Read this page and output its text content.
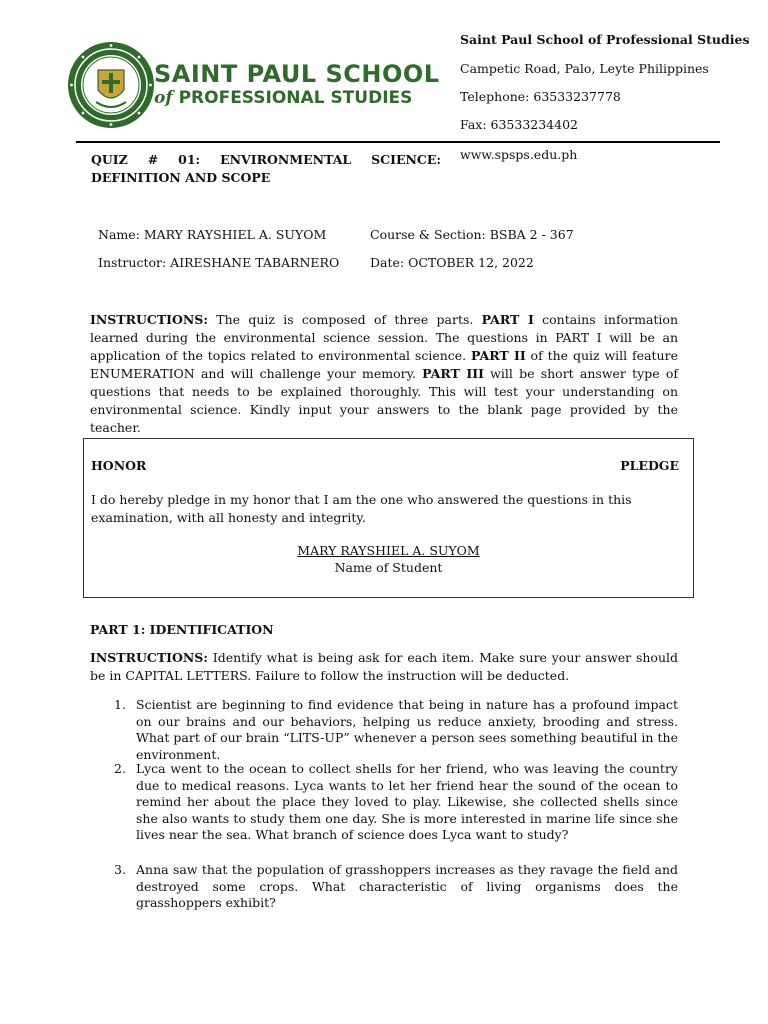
SAINT PAUL SCHOOL
of PROFESSIONAL STUDIES
Saint Paul School of Professional Studies
Campetic Road, Palo, Leyte Philippines
Telephone: 63533237778
Fax: 63533234402
www.spsps.edu.ph
QUIZ # 01: ENVIRONMENTAL SCIENCE: DEFINITION AND SCOPE
Name: MARY RAYSHIEL A. SUYOM	Course & Section: BSBA 2 - 367
Instructor: AIRESHANE TABARNERO Date: OCTOBER 12, 2022
INSTRUCTIONS: The quiz is composed of three parts. PART I contains information learned during the environmental science session. The questions in PART I will be an application of the topics related to environmental science. PART II of the quiz will feature ENUMERATION and will challenge your memory. PART III will be short answer type of questions that needs to be explained thoroughly. This will test your understanding on environmental science. Kindly input your answers to the blank page provided by the teacher.
HONOR	PLEDGE
I do hereby pledge in my honor that I am the one who answered the questions in this examination, with all honesty and integrity.
MARY RAYSHIEL A. SUYOM
Name of Student
PART 1: IDENTIFICATION
INSTRUCTIONS: Identify what is being ask for each item. Make sure your answer should be in CAPITAL LETTERS. Failure to follow the instruction will be deducted.
1. Scientist are beginning to find evidence that being in nature has a profound impact on our brains and our behaviors, helping us reduce anxiety, brooding and stress. What part of our brain “LITS-UP” whenever a person sees something beautiful in the environment.
2. Lyca went to the ocean to collect shells for her friend, who was leaving the country due to medical reasons. Lyca wants to let her friend hear the sound of the ocean to remind her about the place they loved to play. Likewise, she collected shells since she also wants to study them one day. She is more interested in marine life since she lives near the sea. What branch of science does Lyca want to study?
3. Anna saw that the population of grasshoppers increases as they ravage the field and destroyed some crops. What characteristic of living organisms does the grasshoppers exhibit?
